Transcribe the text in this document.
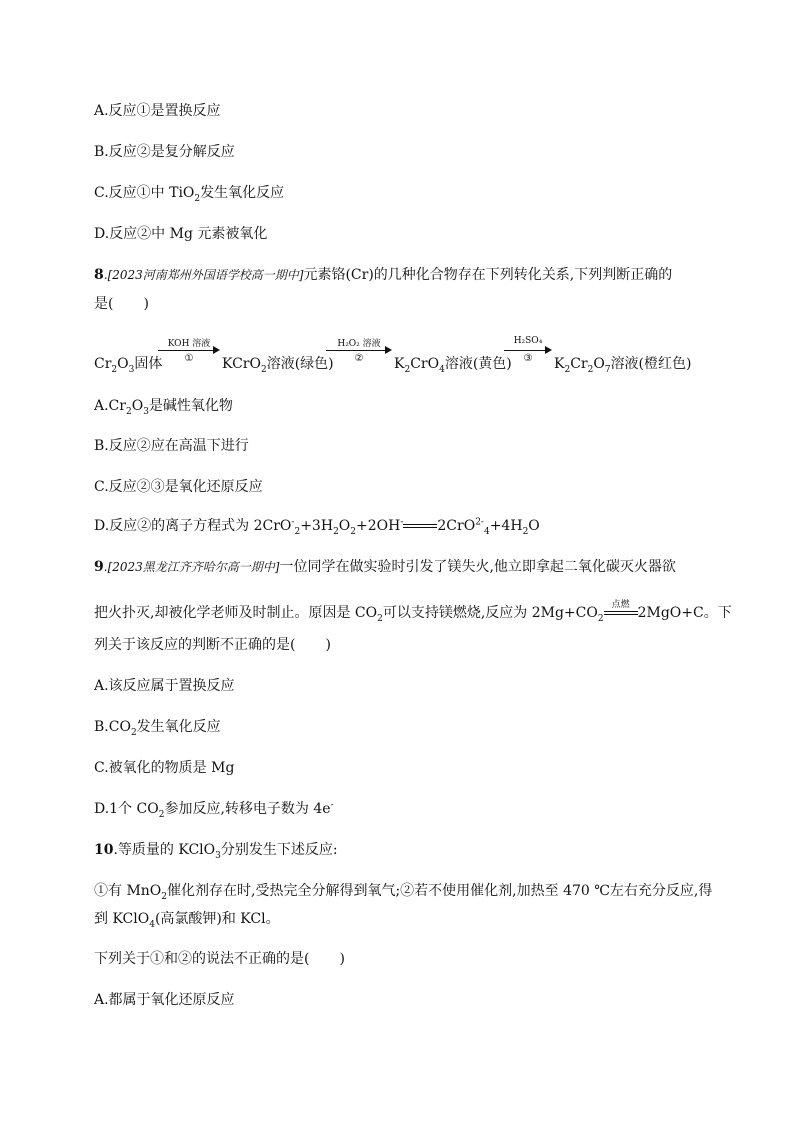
A.反应①是置换反应
B.反应②是复分解反应
C.反应①中 TiO$_2$发生氧化反应
D.反应②中 Mg 元素被氧化
8.[2023河南郑州外国语学校高一期中]元素铬(Cr)的几种化合物存在下列转化关系,下列判断正确的
是( )
$Cr_2O_3$固体
KOH 溶液
①	KCrO$_2$溶液(绿色)
H₂O₂ 溶液
②	$K_2CrO_4$溶液(黄色)
H₂SO₄
③	$K_2Cr_2O_7$溶液(橙红色)
$A.Cr_2O_3$是碱性氧化物
B.反应②应在高温下进行
C.反应②③是氧化还原反应
D.反应②的离子方程式为 $2CrO^-_2+3H_2O_2+2OH^-$ $2CrO^{2-}_4+4H_2O$
9.[2023黑龙江齐齐哈尔高一期中]一位同学在做实验时引发了镁失火,他立即拿起二氧化碳灭火器欲
把火扑灭,却被化学老师及时制止。原因是 $CO_2$可以支持镁燃烧,反应为 $2Mg+CO_2$
点燃 2MgO+C。下
列关于该反应的判断不正确的是( )
A.该反应属于置换反应
$B.CO_2$发生氧化反应
C.被氧化的物质是 Mg
D.1个 $CO_2$参加反应,转移电子数为 4e-
10.等质量的 KClO$_3$分别发生下述反应:
①有 MnO$_2$催化剂存在时,受热完全分解得到氧气;②若不使用催化剂,加热至 470 ℃左右充分反应,得
到 KClO$_4$(高氯酸钾)和 KCl。
下列关于①和②的说法不正确的是( )
A.都属于氧化还原反应
